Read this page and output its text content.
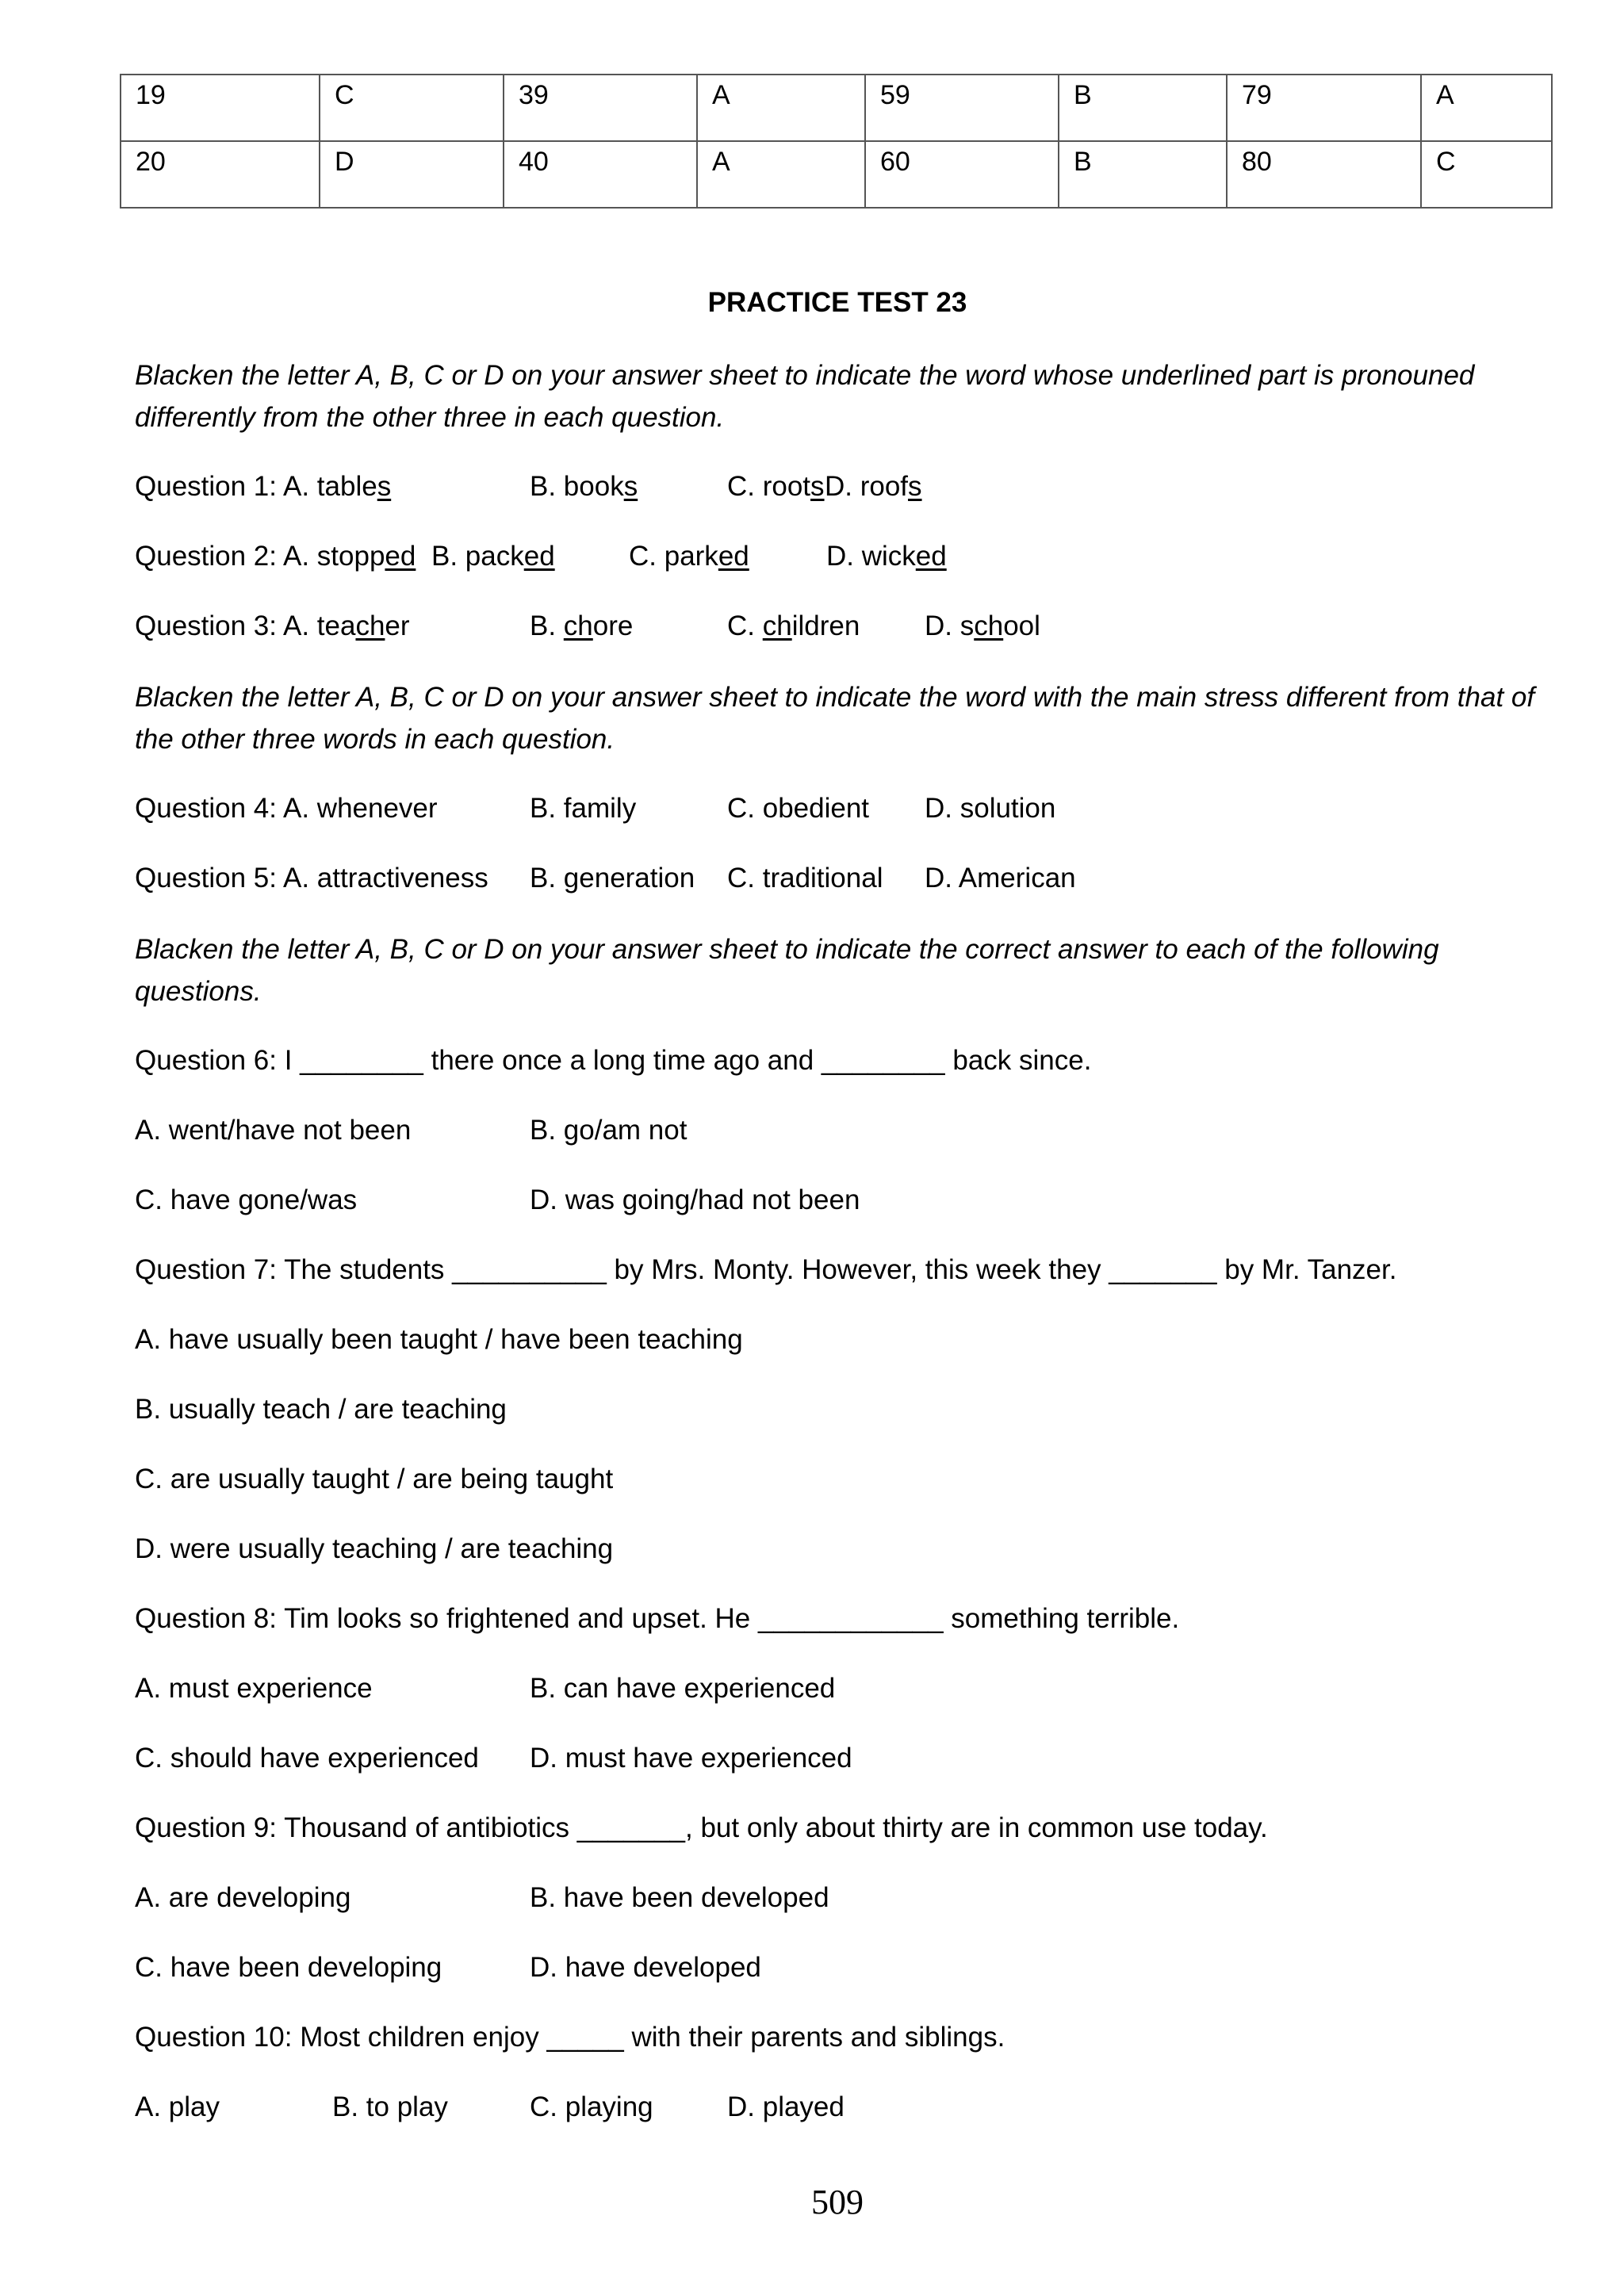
19	C	39	A	59	B	79	A
20	D	40	A	60	B	80	C
PRACTICE TEST 23
Blacken the letter A, B, C or D on your answer sheet to indicate the word whose underlined part is pronouned differently from the other three in each question.
Question 1: A. tables	B. books	C. roots D. roofs
Question 2: A. stopped B. packed	C. parked	D. wicked
Question 3: A. teacher	B. chore	C. children D. school
Blacken the letter A, B, C or D on your answer sheet to indicate the word with the main stress different from that of the other three words in each question.
Question 4: A. whenever	B. family	C. obedient D. solution
Question 5: A. attractiveness B. generation C. traditional D. American
Blacken the letter A, B, C or D on your answer sheet to indicate the correct answer to each of the following questions.
Question 6: I ________ there once a long time ago and ________ back since.
A. went/have not been	B. go/am not
C. have gone/was	D. was going/had not been
Question 7: The students __________ by Mrs. Monty. However, this week they _______ by Mr. Tanzer.
A. have usually been taught / have been teaching
B. usually teach / are teaching
C. are usually taught / are being taught
D. were usually teaching / are teaching
Question 8: Tim looks so frightened and upset. He ____________ something terrible.
A. must experience	B. can have experienced
C. should have experienced D. must have experienced
Question 9: Thousand of antibiotics _______, but only about thirty are in common use today.
A. are developing	B. have been developed
C. have been developing	D. have developed
Question 10: Most children enjoy _____ with their parents and siblings.
A. play	B. to play	C. playing	D. played
509
